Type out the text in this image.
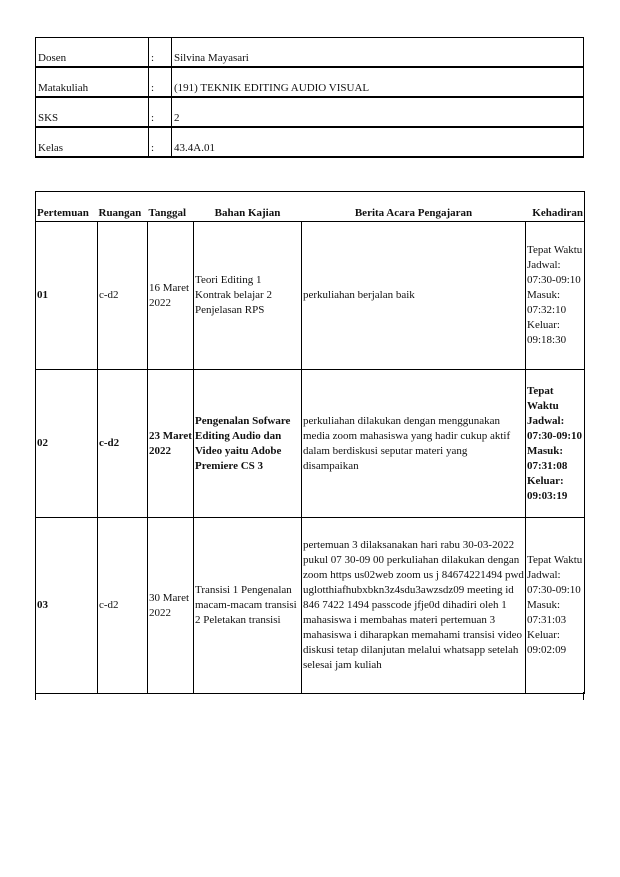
Dosen	:	Silvina Mayasari
Matakuliah	:	(191) TEKNIK EDITING AUDIO VISUAL
SKS	:	2
Kelas	:	43.4A.01
Pertemuan	Ruangan	Tanggal	Bahan Kajian	Berita Acara Pengajaran	Kehadiran
01	c-d2	16 Maret 2022	Teori Editing 1 Kontrak belajar 2 Penjelasan RPS	perkuliahan berjalan baik	Tepat Waktu Jadwal: 07:30-09:10 Masuk: 07:32:10 Keluar: 09:18:30
02	c-d2	23 Maret 2022	Pengenalan Sofware Editing Audio dan Video yaitu Adobe Premiere CS 3	perkuliahan dilakukan dengan menggunakan media zoom mahasiswa yang hadir cukup aktif dalam berdiskusi seputar materi yang disampaikan	Tepat Waktu Jadwal: 07:30-09:10 Masuk: 07:31:08 Keluar: 09:03:19
03	c-d2	30 Maret 2022	Transisi 1 Pengenalan macam-macam transisi 2 Peletakan transisi	pertemuan 3 dilaksanakan hari rabu 30-03-2022 pukul 07 30-09 00 perkuliahan dilakukan dengan zoom https us02web zoom us j 84674221494 pwd uglotthiafhubxbkn3z4sdu3awzsdz09 meeting id 846 7422 1494 passcode jfje0d dihadiri oleh 1 mahasiswa i membahas materi pertemuan 3 mahasiswa i diharapkan memahami transisi video diskusi tetap dilanjutan melalui whatsapp setelah selesai jam kuliah	Tepat Waktu Jadwal: 07:30-09:10 Masuk: 07:31:03 Keluar: 09:02:09
